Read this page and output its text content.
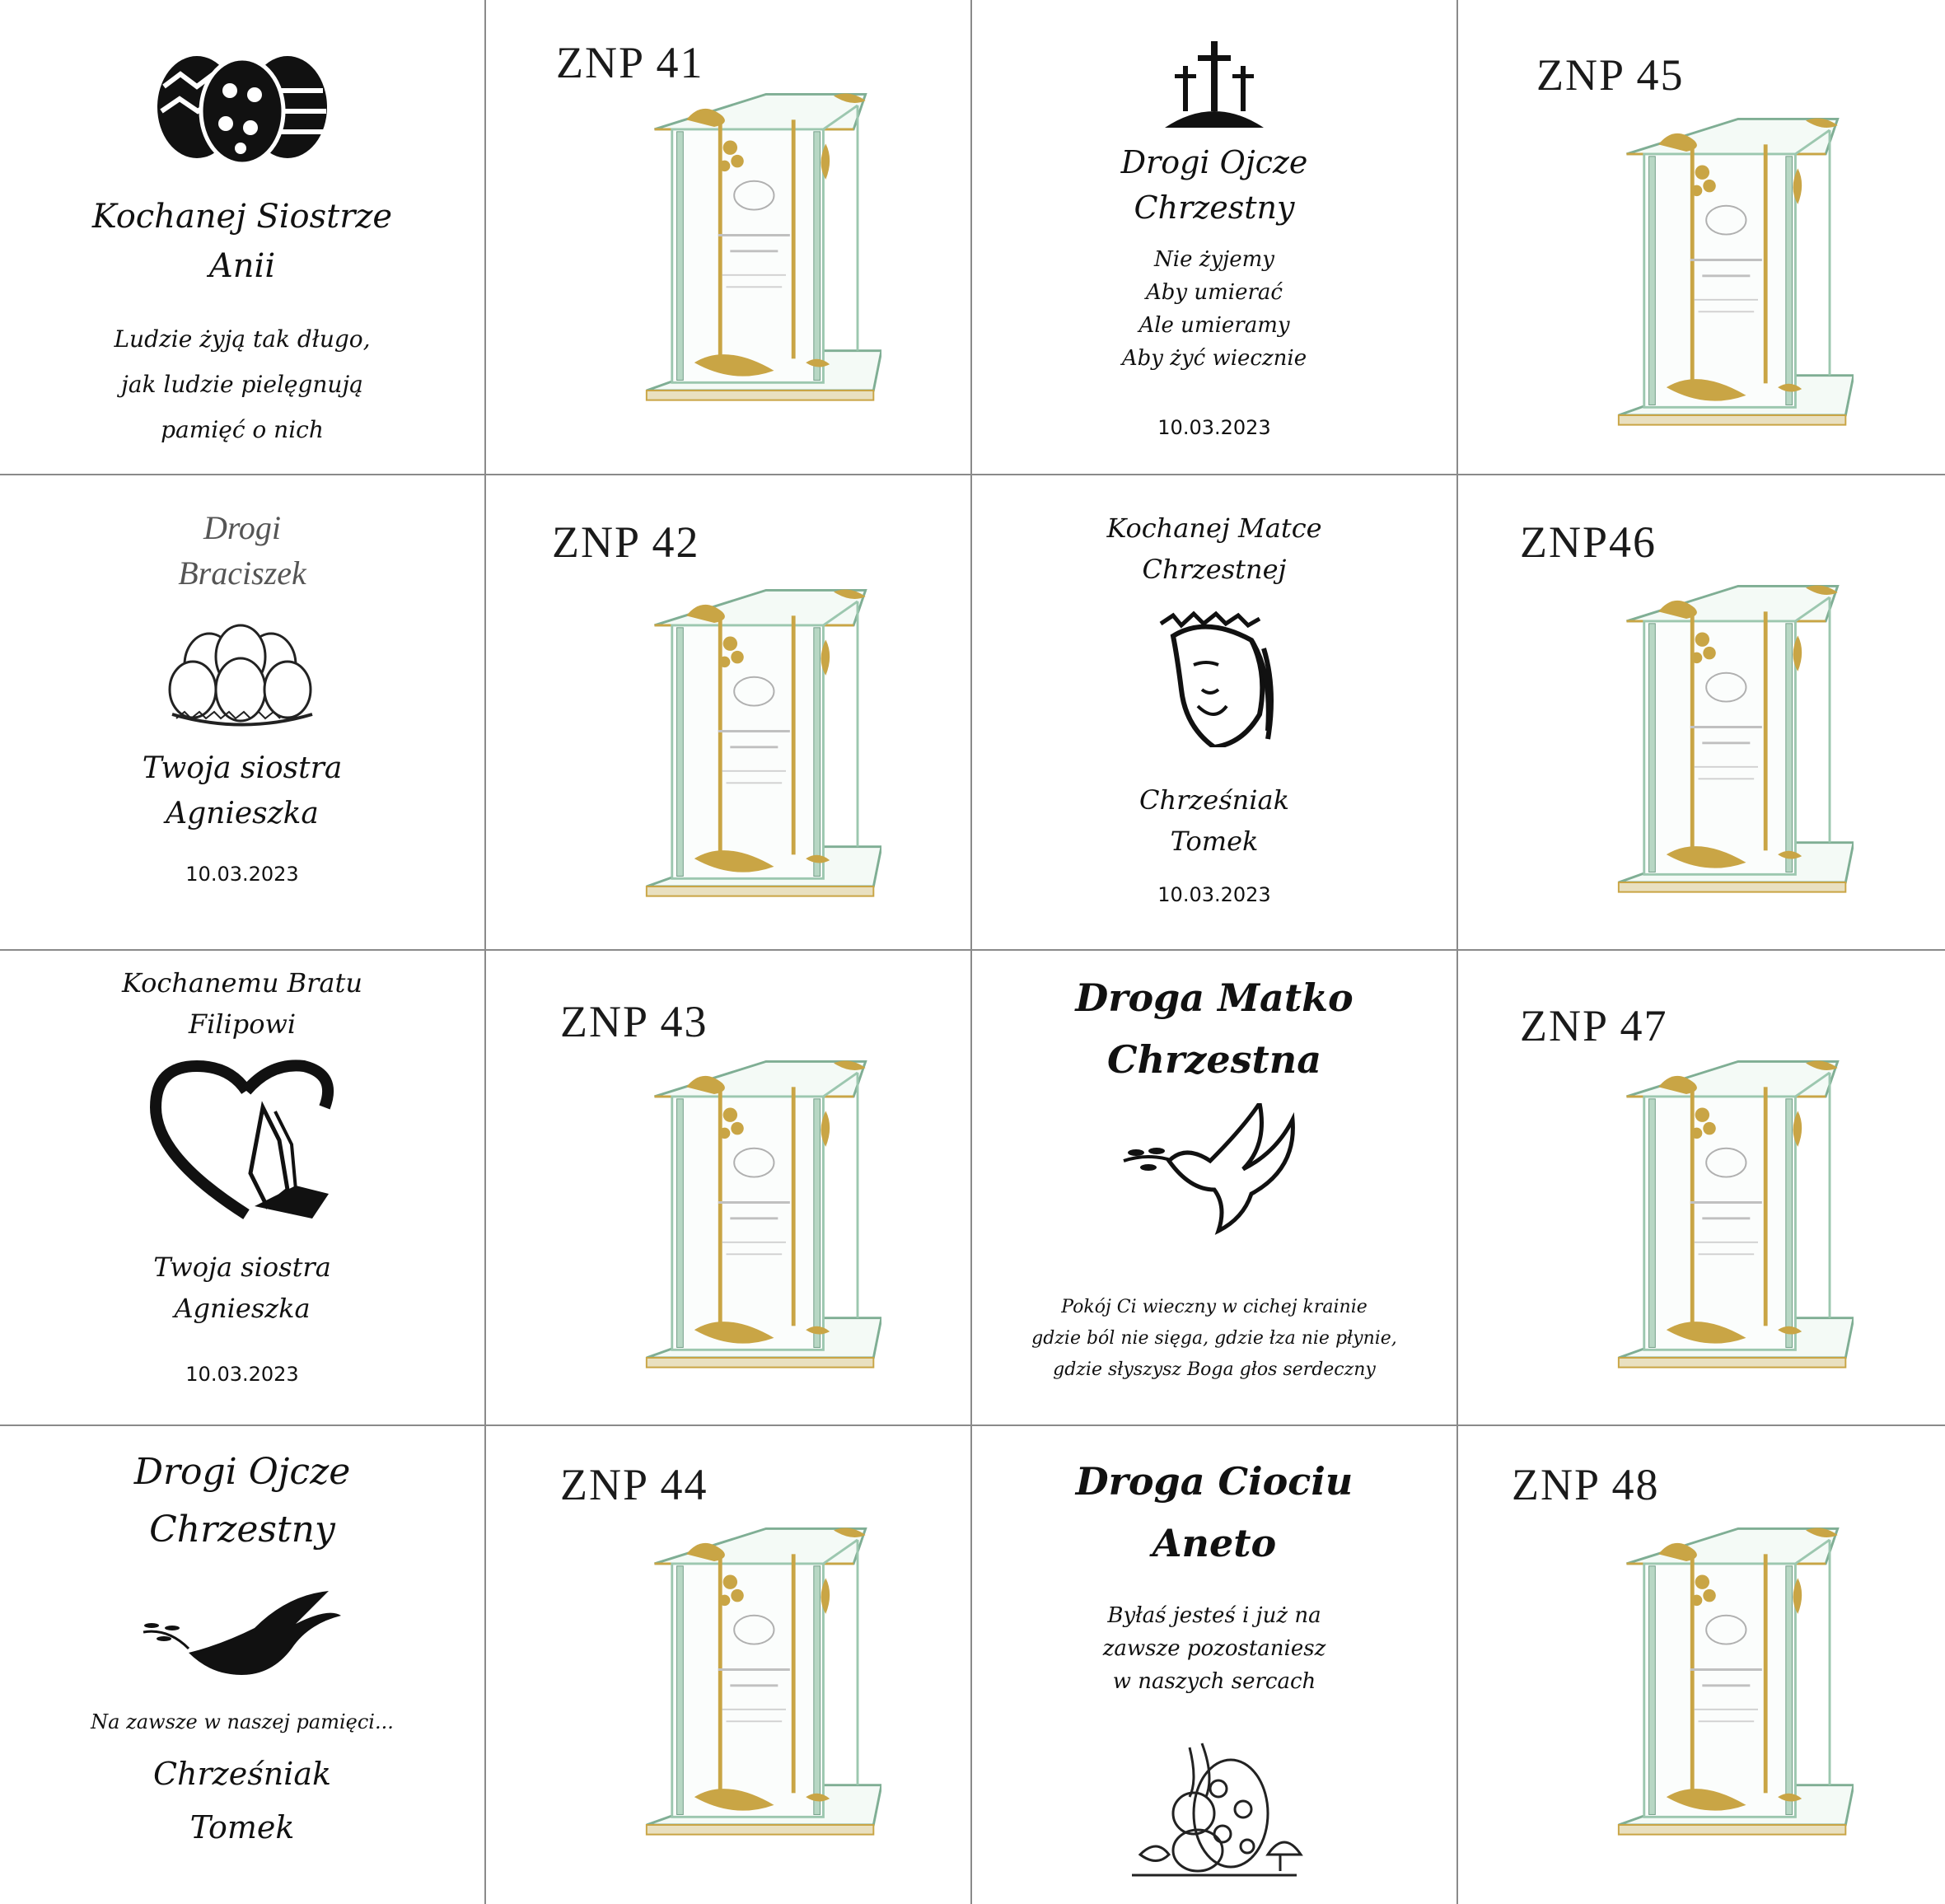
Kochanej Siostrze
Anii
Ludzie żyją tak długo,
jak ludzie pielęgnują
pamięć o nich
ZNP 41
Drogi Ojcze
Chrzestny
Nie żyjemy
Aby umierać
Ale umieramy
Aby żyć wiecznie
10.03.2023
ZNP 45
Drogi
Braciszek
Twoja siostra
Agnieszka
10.03.2023
ZNP 42	Kochanej Matce
Chrzestnej
Chrześniak
Tomek
10.03.2023
ZNP46
Kochanemu Bratu
Filipowi
Twoja siostra
Agnieszka
10.03.2023
ZNP 43	Droga Matko
Chrzestna
Pokój Ci wieczny w cichej krainie
gdzie ból nie sięga, gdzie łza nie płynie,
gdzie słyszysz Boga głos serdeczny
ZNP 47
Drogi Ojcze
Chrzestny
Na zawsze w naszej pamięci...
Chrześniak
Tomek
ZNP 44	Droga Ciociu
Aneto
Byłaś jesteś i już na
zawsze pozostaniesz
w naszych sercach
ZNP 48
